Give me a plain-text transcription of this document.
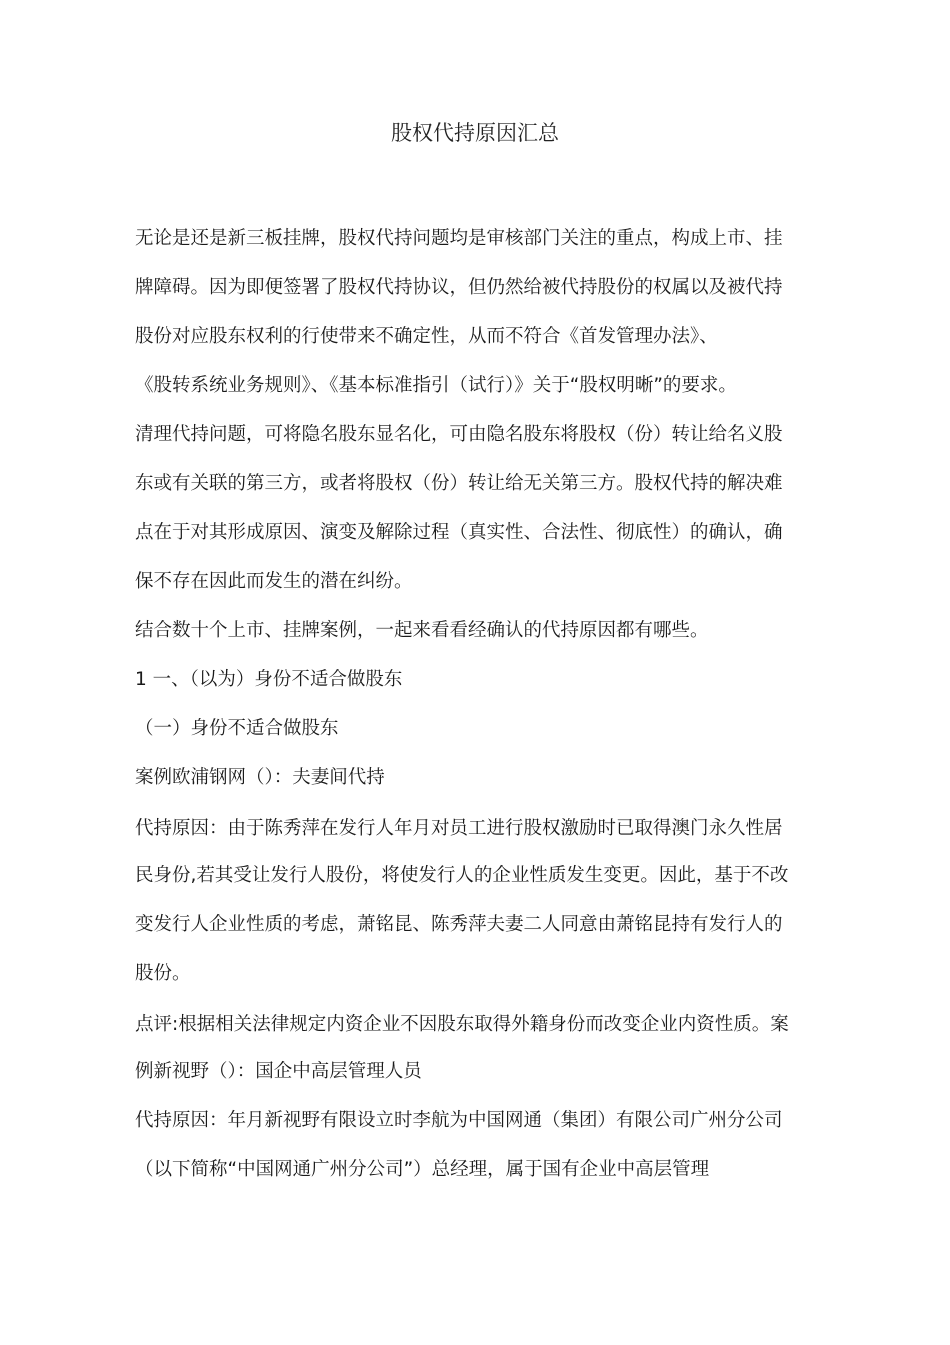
股权代持原因汇总
无论是还是新三板挂牌，股权代持问题均是审核部门关注的重点，构成上市、挂
牌障碍。因为即便签署了股权代持协议，但仍然给被代持股份的权属以及被代持
股份对应股东权利的行使带来不确定性，从而不符合《首发管理办法》、
《股转系统业务规则》、《基本标准指引（试行）》关于“股权明晰”的要求。
清理代持问题，可将隐名股东显名化，可由隐名股东将股权（份）转让给名义股
东或有关联的第三方，或者将股权（份）转让给无关第三方。股权代持的解决难
点在于对其形成原因、演变及解除过程（真实性、合法性、彻底性）的确认，确
保不存在因此而发生的潜在纠纷。
结合数十个上市、挂牌案例，一起来看看经确认的代持原因都有哪些。
1 一、（以为）身份不适合做股东
（一）身份不适合做股东
案例欧浦钢网（）：夫妻间代持
代持原因：由于陈秀萍在发行人年月对员工进行股权激励时已取得澳门永久性居
民身份,若其受让发行人股份，将使发行人的企业性质发生变更。因此，基于不改
变发行人企业性质的考虑，萧铭昆、陈秀萍夫妻二人同意由萧铭昆持有发行人的
股份。
点评:根据相关法律规定内资企业不因股东取得外籍身份而改变企业内资性质。案
例新视野（）：国企中高层管理人员
代持原因：年月新视野有限设立时李航为中国网通（集团）有限公司广州分公司
（以下简称“中国网通广州分公司”）总经理，属于国有企业中高层管理
